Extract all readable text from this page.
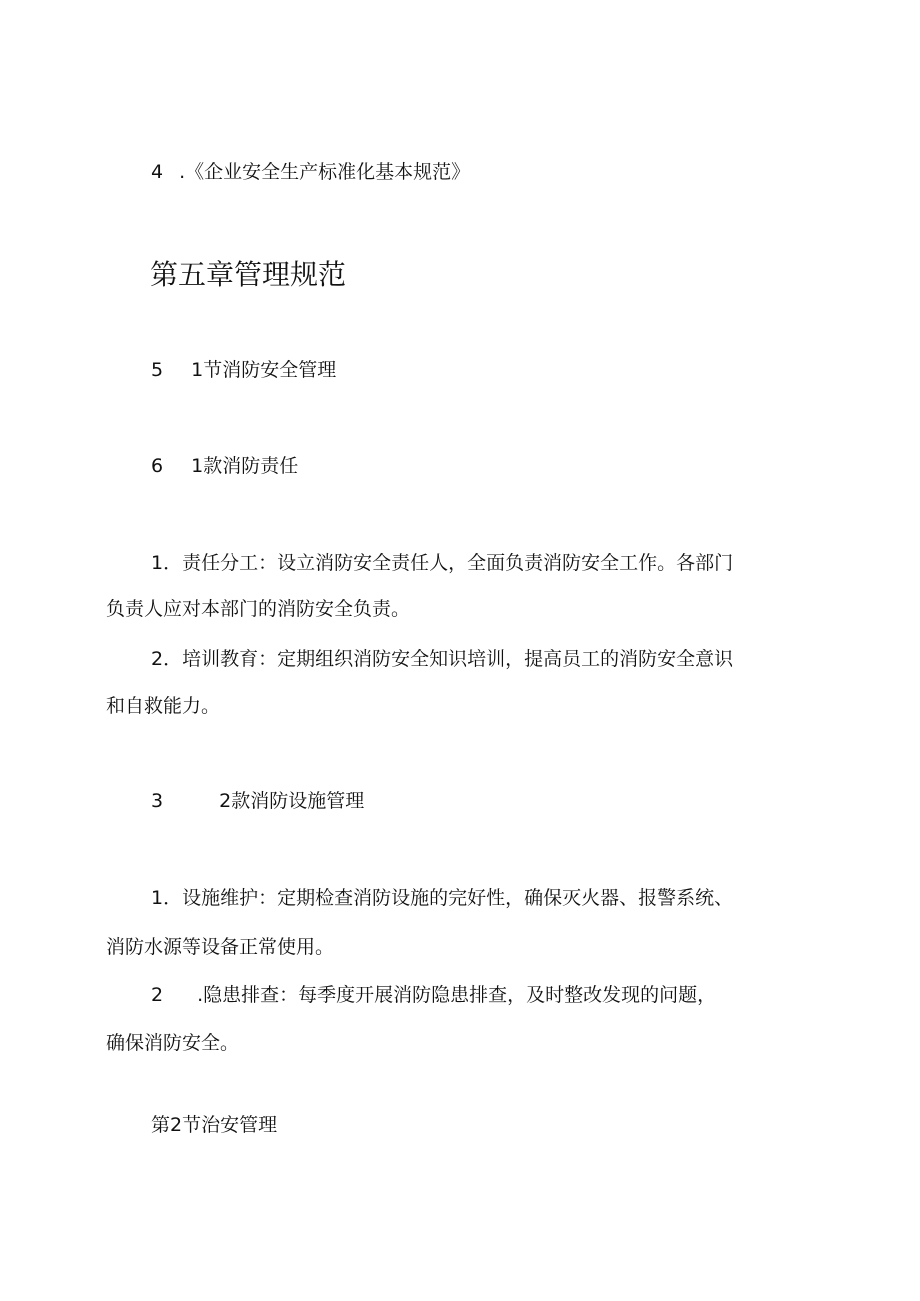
4 .《企业安全生产标准化基本规范》
第五章管理规范
5 1节消防安全管理
6 1款消防责任
1．责任分工：设立消防安全责任人，全面负责消防安全工作。各部门
负责人应对本部门的消防安全负责。
2．培训教育：定期组织消防安全知识培训，提高员工的消防安全意识
和自救能力。
3	2款消防设施管理
1．设施维护：定期检查消防设施的完好性，确保灭火器、报警系统、
消防水源等设备正常使用。
2 .隐患排查：每季度开展消防隐患排查，及时整改发现的问题，
确保消防安全。
第2节治安管理
